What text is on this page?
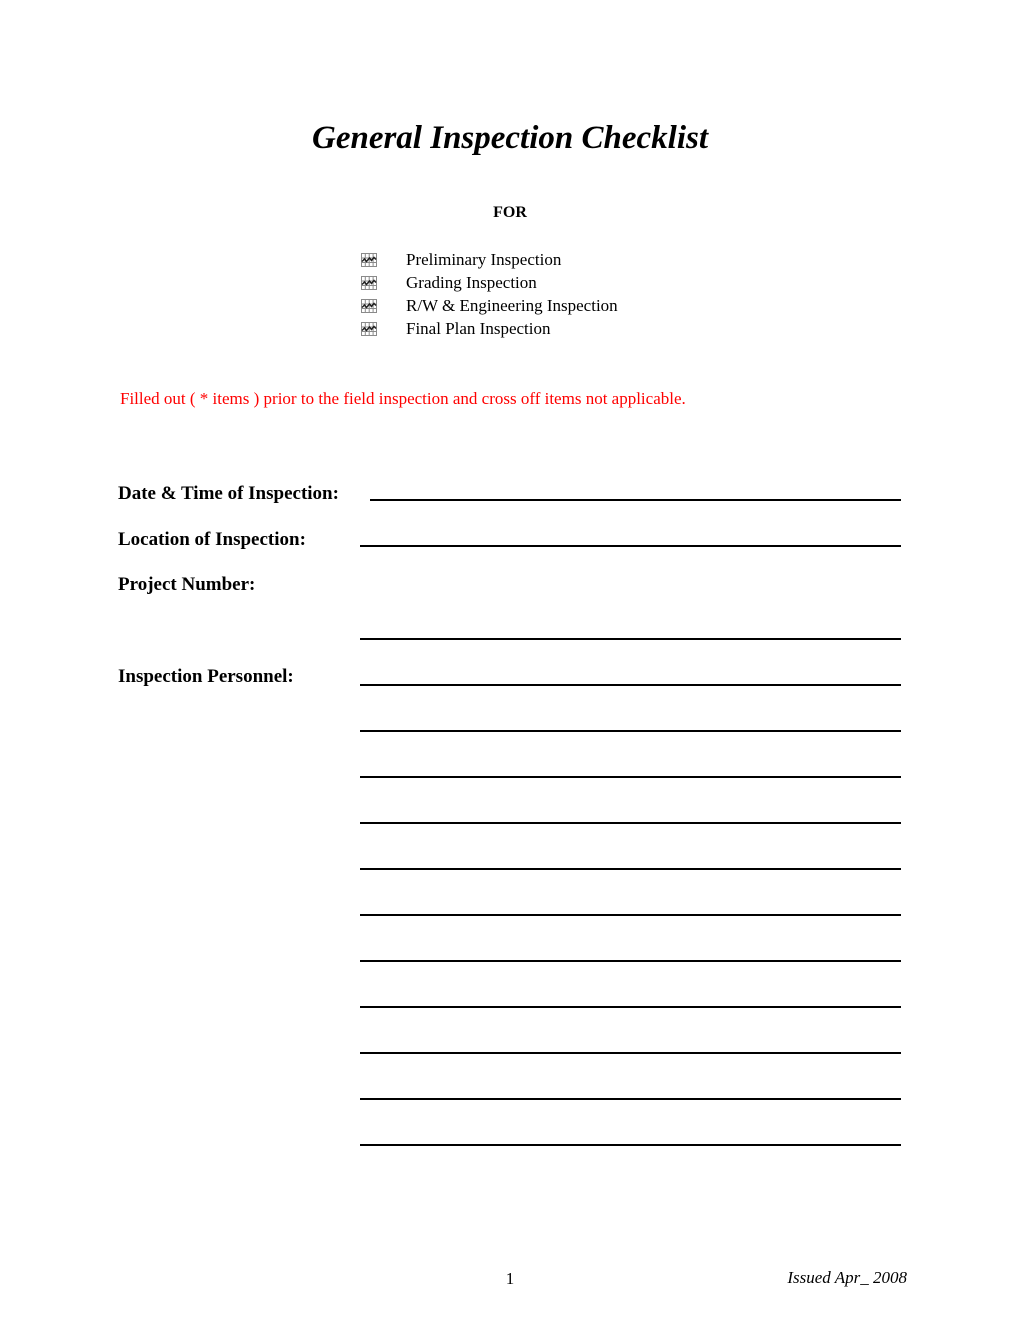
General Inspection Checklist
FOR
Preliminary Inspection
Grading Inspection
R/W & Engineering Inspection
Final Plan Inspection
Filled out ( * items ) prior to the field inspection and cross off items not applicable.
Date & Time of Inspection:
Location of Inspection:
Project Number:
Inspection Personnel:
1	Issued Apr_ 2008
